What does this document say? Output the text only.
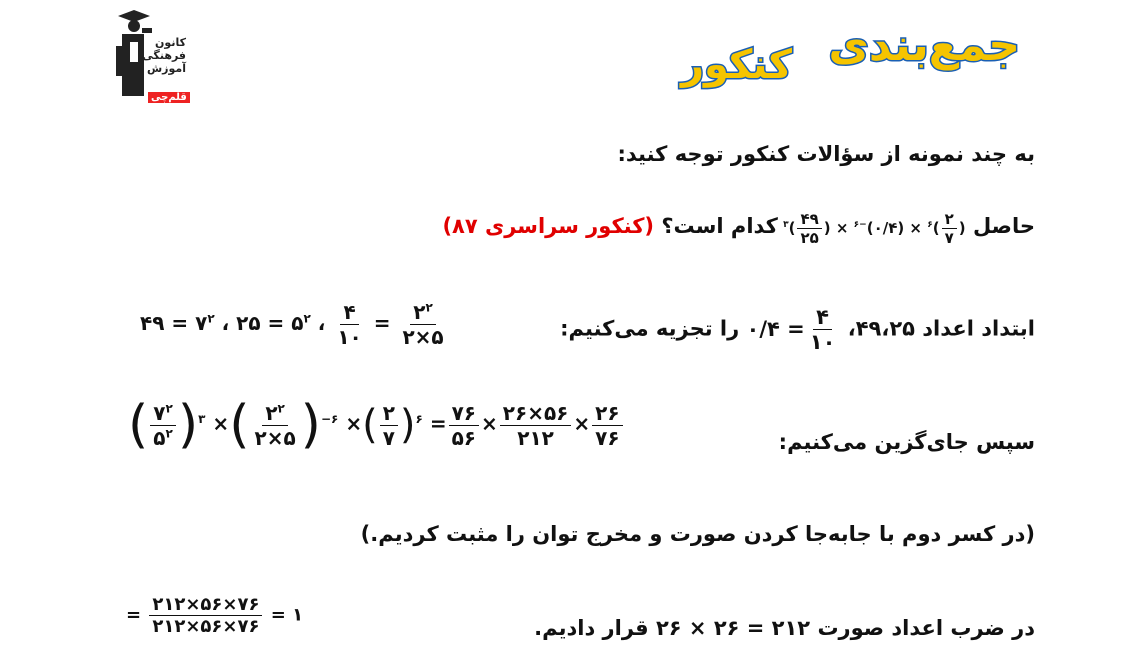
کانون
فرهنگی
آموزش
قلم‌چی
جمع‌بندی
کنکور
به چند نمونه از سؤالات کنکور توجه کنید:
حاصل ( $\frac{۲}{۷} )^۶$ × (۰/۴)$^{-۶}$ × ( $\frac{۴۹}{۲۵} )^۳$ کدام است؟ (کنکور سراسری ۸۷)
ابتداد اعداد ۴۹،۲۵،
$\frac{۴}{۱۰}$
= ۰/۴ را تجزیه می‌کنیم:
۴۹ = $۷^۲$ ، ۲۵ = $۵^۲$ ، $\frac{۴}{۱۰} = \frac{۲^۲}{۲\times ۵}$
سپس جای‌گزین می‌کنیم:
( $\frac{۷^۲}{۵^۲} )^۳$ ×( $\frac{۲^۲}{۲\times ۵} )^{-۶}$ ×( $\frac{۲}{۷} )^۶ = \frac{۷۶}{۵۶} \times \frac{۲۶\times ۵۶}{۲۱۲} \times \frac{۲۶}{۷۶}$
(در کسر دوم با جابه‌جا کردن صورت و مخرج توان را مثبت کردیم.)
در ضرب اعداد صورت ۲۱۲ = ۲۶ × ۲۶ قرار دادیم.
= $\frac{۲۱۲\times ۵۶\times ۷۶}{۲۱۲\times ۵۶\times ۷۶}$ = ۱
